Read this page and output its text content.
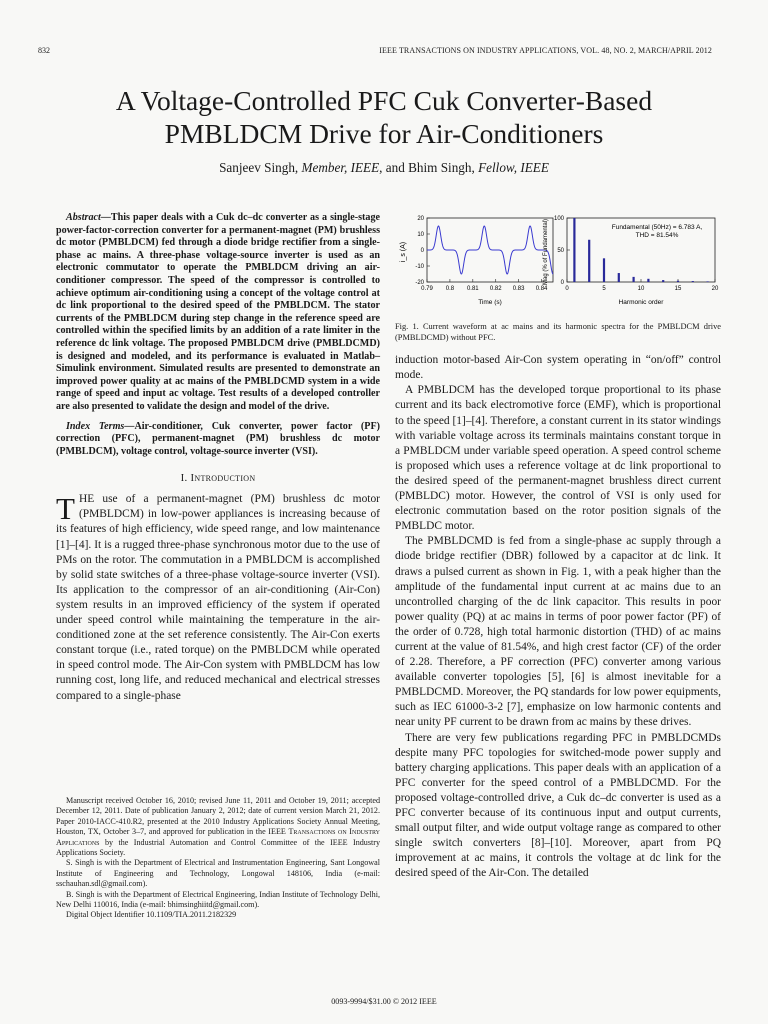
832	IEEE TRANSACTIONS ON INDUSTRY APPLICATIONS, VOL. 48, NO. 2, MARCH/APRIL 2012
A Voltage-Controlled PFC Cuk Converter-Based
PMBLDCM Drive for Air-Conditioners
Sanjeev Singh, Member, IEEE, and Bhim Singh, Fellow, IEEE

Abstract—This paper deals with a Cuk dc–dc converter as a single-stage power-factor-correction converter for a permanent-magnet (PM) brushless dc motor (PMBLDCM) fed through a diode bridge rectifier from a single-phase ac mains. A three-phase voltage-source inverter is used as an electronic commutator to operate the PMBLDCM driving an air-conditioner compressor. The speed of the compressor is controlled to achieve optimum air-conditioning using a concept of the voltage control at dc link proportional to the desired speed of the PMBLDCM. The stator currents of the PMBLDCM during step change in the reference speed are controlled within the specified limits by an addition of a rate limiter in the reference dc link voltage. The proposed PMBLDCM drive (PMBLDCMD) is designed and modeled, and its performance is evaluated in Matlab–Simulink environment. Simulated results are presented to demonstrate an improved power quality at ac mains of the PMBLDCMD system in a wide range of speed and input ac voltage. Test results of a developed controller are also presented to validate the design and model of the drive.

Index Terms—Air-conditioner, Cuk converter, power factor (PF) correction (PFC), permanent-magnet (PM) brushless dc motor (PMBLDCM), voltage control, voltage-source inverter (VSI).

I. Introduction

THE use of a permanent-magnet (PM) brushless dc motor (PMBLDCM) in low-power appliances is increasing because of its features of high efficiency, wide speed range, and low maintenance [1]–[4]. It is a rugged three-phase synchronous motor due to the use of PMs on the rotor. The commutation in a PMBLDCM is accomplished by solid state switches of a three-phase voltage-source inverter (VSI). Its application to the compressor of an air-conditioning (Air-Con) system results in an improved efficiency of the system if operated under speed control while maintaining the temperature in the air-conditioned zone at the set reference consistently. The Air-Con exerts constant torque (i.e., rated torque) on the PMBLDCM while operated in speed control mode. The Air-Con system with PMBLDCM has low running cost, long life, and reduced mechanical and electrical stresses compared to a single-phase

Manuscript received October 16, 2010; revised June 11, 2011 and October 19, 2011; accepted December 12, 2011. Date of publication January 2, 2012; date of current version March 21, 2012. Paper 2010-IACC-410.R2, presented at the 2010 Industry Applications Society Annual Meeting, Houston, TX, October 3–7, and approved for publication in the IEEE Transactions on Industry Applications by the Industrial Automation and Control Committee of the IEEE Industry Applications Society.

S. Singh is with the Department of Electrical and Instrumentation Engineering, Sant Longowal Institute of Engineering and Technology, Longowal 148106, India (e-mail: sschauhan.sdl@gmail.com).

B. Singh is with the Department of Electrical Engineering, Indian Institute of Technology Delhi, New Delhi 110016, India (e-mail: bhimsinghiitd@gmail.com).

Digital Object Identifier 10.1109/TIA.2011.2182329

20
10
0
-10
-20
0.79 0.8 0.81 0.82 0.83 0.84
i_s (A)
Time (s)
100
50
0
0	5	10	15	20
Mag (% of Fundamental)
Harmonic order
Fundamental (50Hz) = 6.783 A,
THD = 81.54%

Fig. 1. Current waveform at ac mains and its harmonic spectra for the PMBLDCM drive (PMBLDCMD) without PFC.

induction motor-based Air-Con system operating in “on/off” control mode.

A PMBLDCM has the developed torque proportional to its phase current and its back electromotive force (EMF), which is proportional to the speed [1]–[4]. Therefore, a constant current in its stator windings with variable voltage across its terminals maintains constant torque in a PMBLDCM under variable speed operation. A speed control scheme is proposed which uses a reference voltage at dc link proportional to the desired speed of the permanent-magnet brushless direct current (PMBLDC) motor. However, the control of VSI is only used for electronic commutation based on the rotor position signals of the PMBLDC motor.

The PMBLDCMD is fed from a single-phase ac supply through a diode bridge rectifier (DBR) followed by a capacitor at dc link. It draws a pulsed current as shown in Fig. 1, with a peak higher than the amplitude of the fundamental input current at ac mains due to an uncontrolled charging of the dc link capacitor. This results in poor power quality (PQ) at ac mains in terms of poor power factor (PF) of the order of 0.728, high total harmonic distortion (THD) of ac mains current at the value of 81.54%, and high crest factor (CF) of the order of 2.28. Therefore, a PF correction (PFC) converter among various available converter topologies [5], [6] is almost inevitable for a PMBLDCMD. Moreover, the PQ standards for low power equipments, such as IEC 61000-3-2 [7], emphasize on low harmonic contents and near unity PF current to be drawn from ac mains by these drives.

There are very few publications regarding PFC in PMBLDCMDs despite many PFC topologies for switched-mode power supply and battery charging applications. This paper deals with an application of a PFC converter for the speed control of a PMBLDCMD. For the proposed voltage-controlled drive, a Cuk dc–dc converter is used as a PFC converter because of its continuous input and output currents, small output filter, and wide output voltage range as compared to other single switch converters [8]–[10]. Moreover, apart from PQ improvement at ac mains, it controls the voltage at dc link for the desired speed of the Air-Con. The detailed

0093-9994/$31.00 © 2012 IEEE
